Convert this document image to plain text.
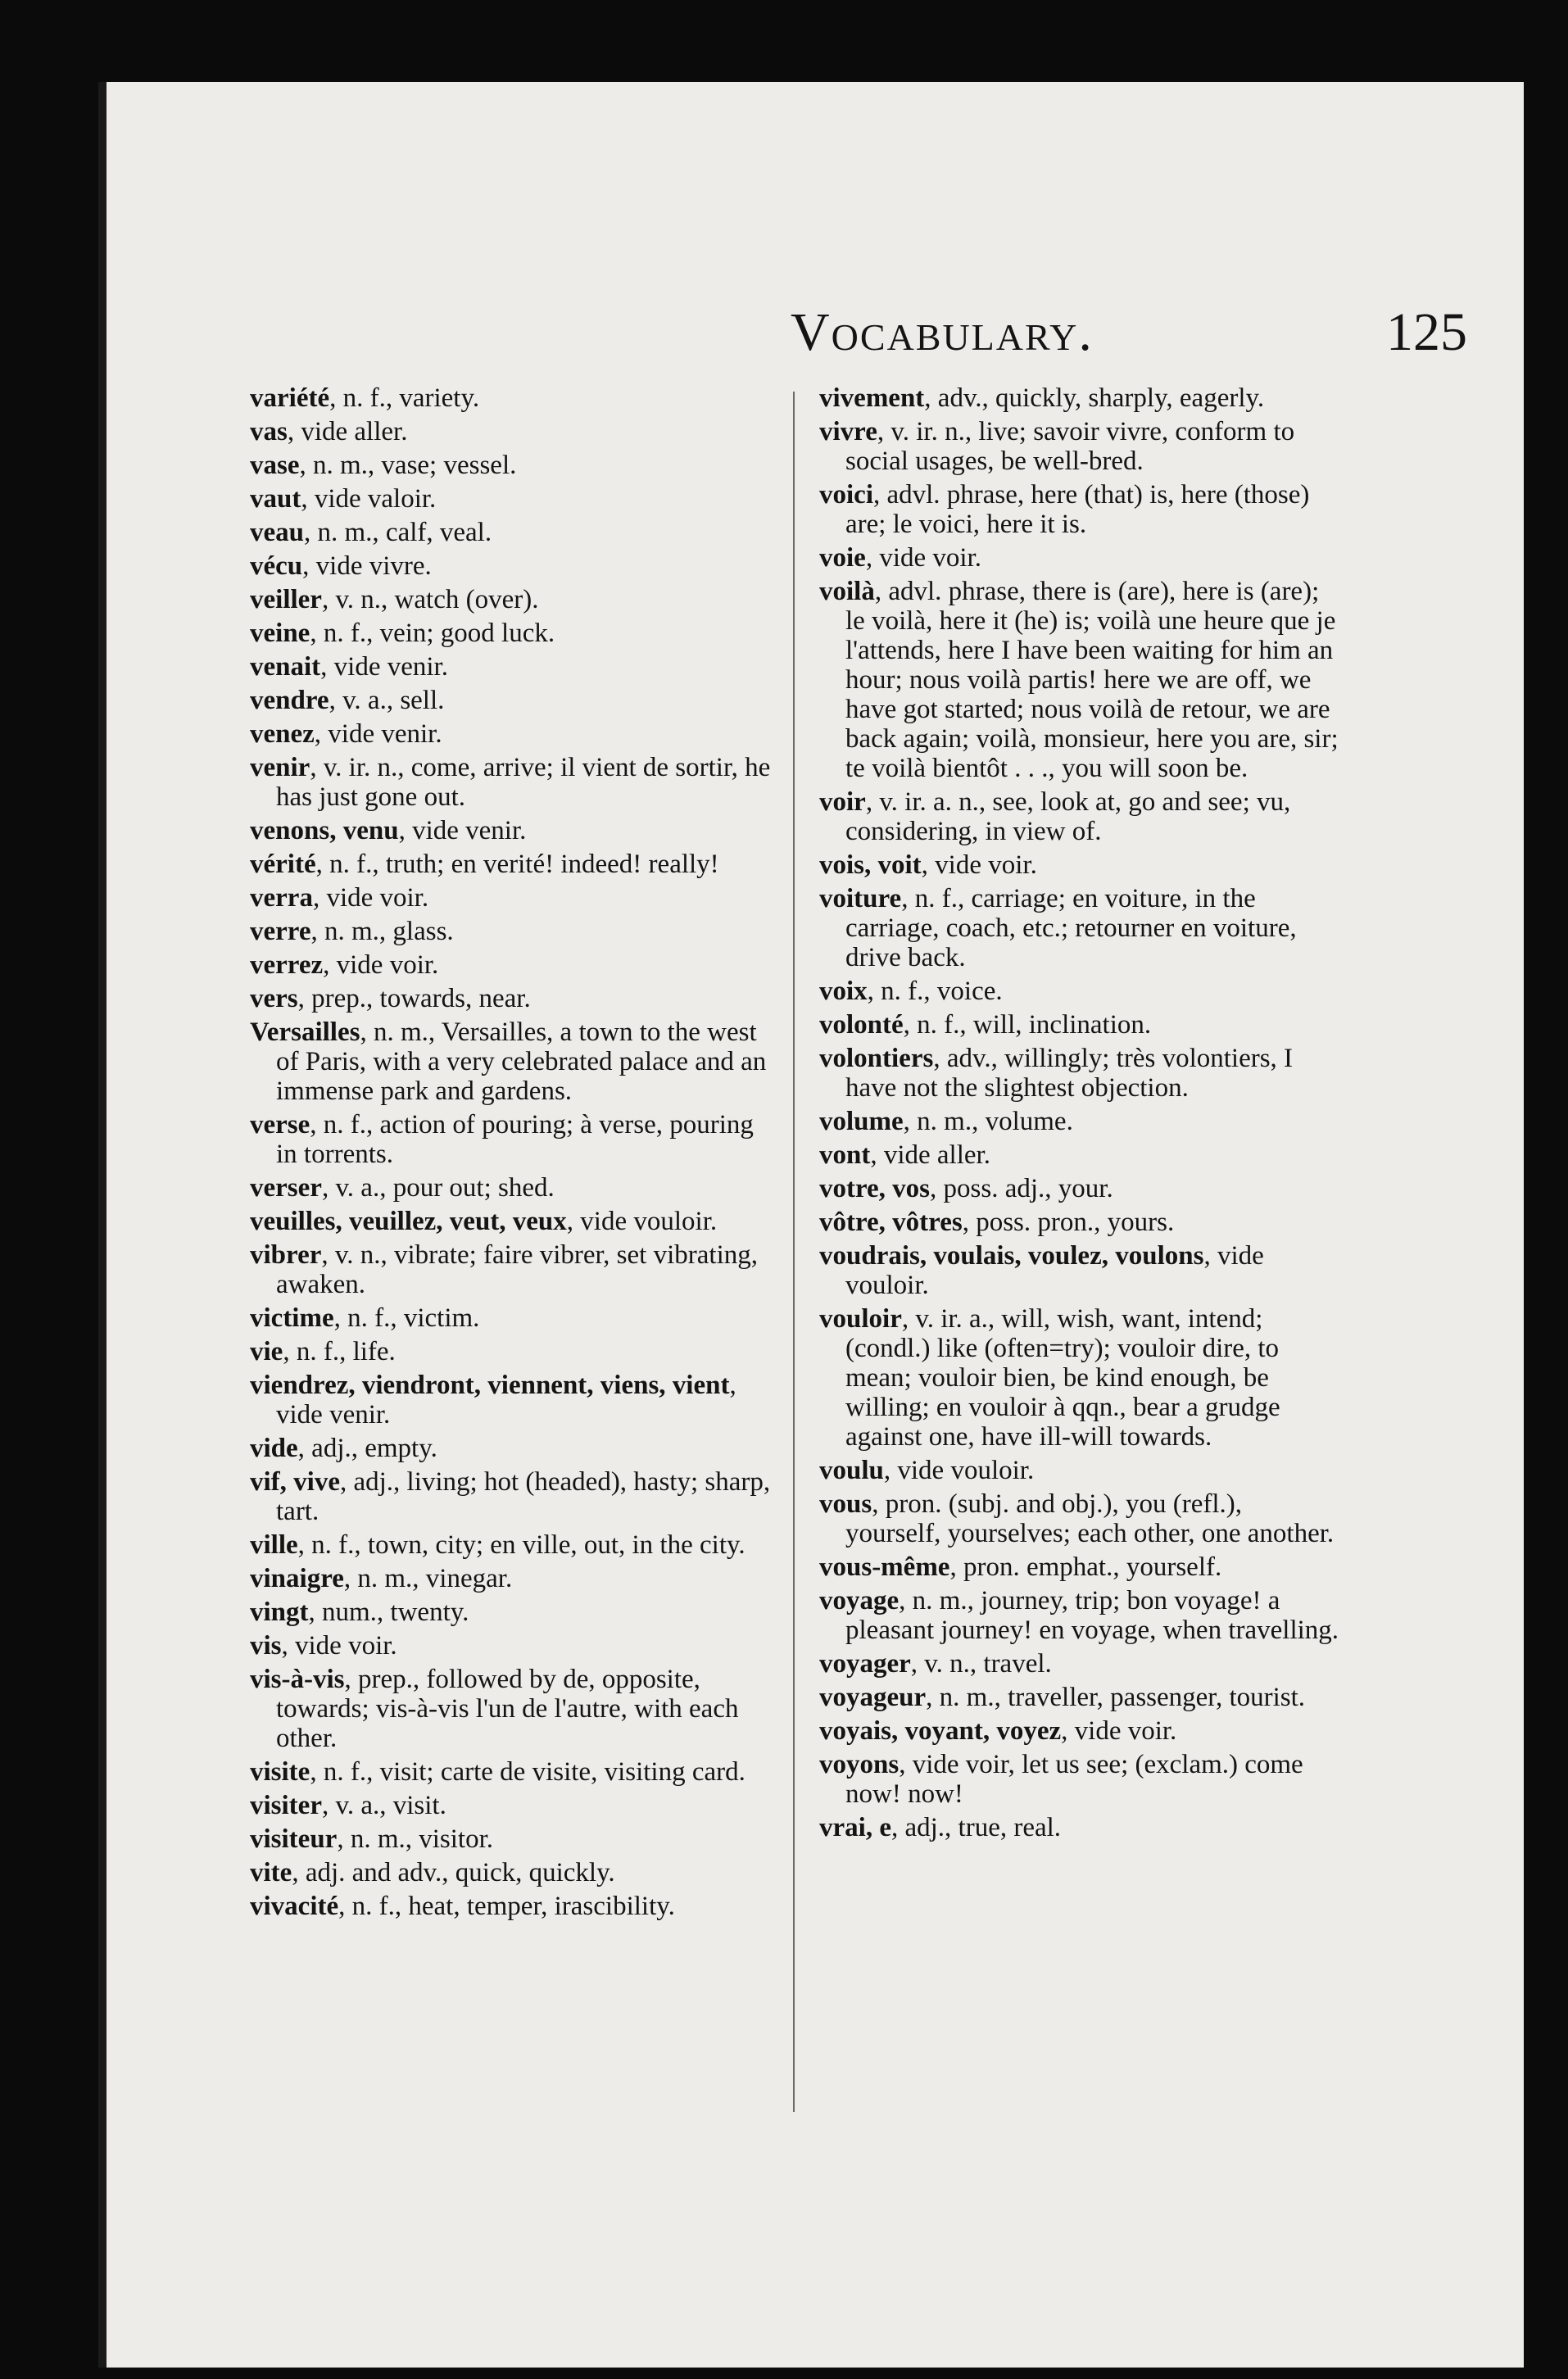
Vocabulary.	125

variété, n. f., variety.

vas, vide aller.

vase, n. m., vase; vessel.

vaut, vide valoir.

veau, n. m., calf, veal.

vécu, vide vivre.

veiller, v. n., watch (over).

veine, n. f., vein; good luck.

venait, vide venir.

vendre, v. a., sell.

venez, vide venir.

venir, v. ir. n., come, arrive; il vient de sortir, he has just gone out.

venons, venu, vide venir.

vérité, n. f., truth; en verité! indeed! really!

verra, vide voir.

verre, n. m., glass.

verrez, vide voir.

vers, prep., towards, near.

Versailles, n. m., Versailles, a town to the west of Paris, with a very celebrated palace and an immense park and gardens.

verse, n. f., action of pouring; à verse, pouring in torrents.

verser, v. a., pour out; shed.

veuilles, veuillez, veut, veux, vide vouloir.

vibrer, v. n., vibrate; faire vibrer, set vibrating, awaken.

victime, n. f., victim.

vie, n. f., life.

viendrez, viendront, viennent, viens, vient, vide venir.

vide, adj., empty.

vif, vive, adj., living; hot (headed), hasty; sharp, tart.

ville, n. f., town, city; en ville, out, in the city.

vinaigre, n. m., vinegar.

vingt, num., twenty.

vis, vide voir.

vis-à-vis, prep., followed by de, opposite, towards; vis-à-vis l'un de l'autre, with each other.

visite, n. f., visit; carte de visite, visiting card.

visiter, v. a., visit.

visiteur, n. m., visitor.

vite, adj. and adv., quick, quickly.

vivacité, n. f., heat, temper, irascibility.

vivement, adv., quickly, sharply, eagerly.

vivre, v. ir. n., live; savoir vivre, conform to social usages, be well-bred.

voici, advl. phrase, here (that) is, here (those) are; le voici, here it is.

voie, vide voir.

voilà, advl. phrase, there is (are), here is (are); le voilà, here it (he) is; voilà une heure que je l'attends, here I have been waiting for him an hour; nous voilà partis! here we are off, we have got started; nous voilà de retour, we are back again; voilà, monsieur, here you are, sir; te voilà bientôt . . ., you will soon be.

voir, v. ir. a. n., see, look at, go and see; vu, considering, in view of.

vois, voit, vide voir.

voiture, n. f., carriage; en voiture, in the carriage, coach, etc.; retourner en voiture, drive back.

voix, n. f., voice.

volonté, n. f., will, inclination.

volontiers, adv., willingly; très volontiers, I have not the slightest objection.

volume, n. m., volume.

vont, vide aller.

votre, vos, poss. adj., your.

vôtre, vôtres, poss. pron., yours.

voudrais, voulais, voulez, voulons, vide vouloir.

vouloir, v. ir. a., will, wish, want, intend; (condl.) like (often=try); vouloir dire, to mean; vouloir bien, be kind enough, be willing; en vouloir à qqn., bear a grudge against one, have ill-will towards.

voulu, vide vouloir.

vous, pron. (subj. and obj.), you (refl.), yourself, yourselves; each other, one another.

vous-même, pron. emphat., yourself.

voyage, n. m., journey, trip; bon voyage! a pleasant journey! en voyage, when travelling.

voyager, v. n., travel.

voyageur, n. m., traveller, passenger, tourist.

voyais, voyant, voyez, vide voir.

voyons, vide voir, let us see; (exclam.) come now! now!

vrai, e, adj., true, real.
